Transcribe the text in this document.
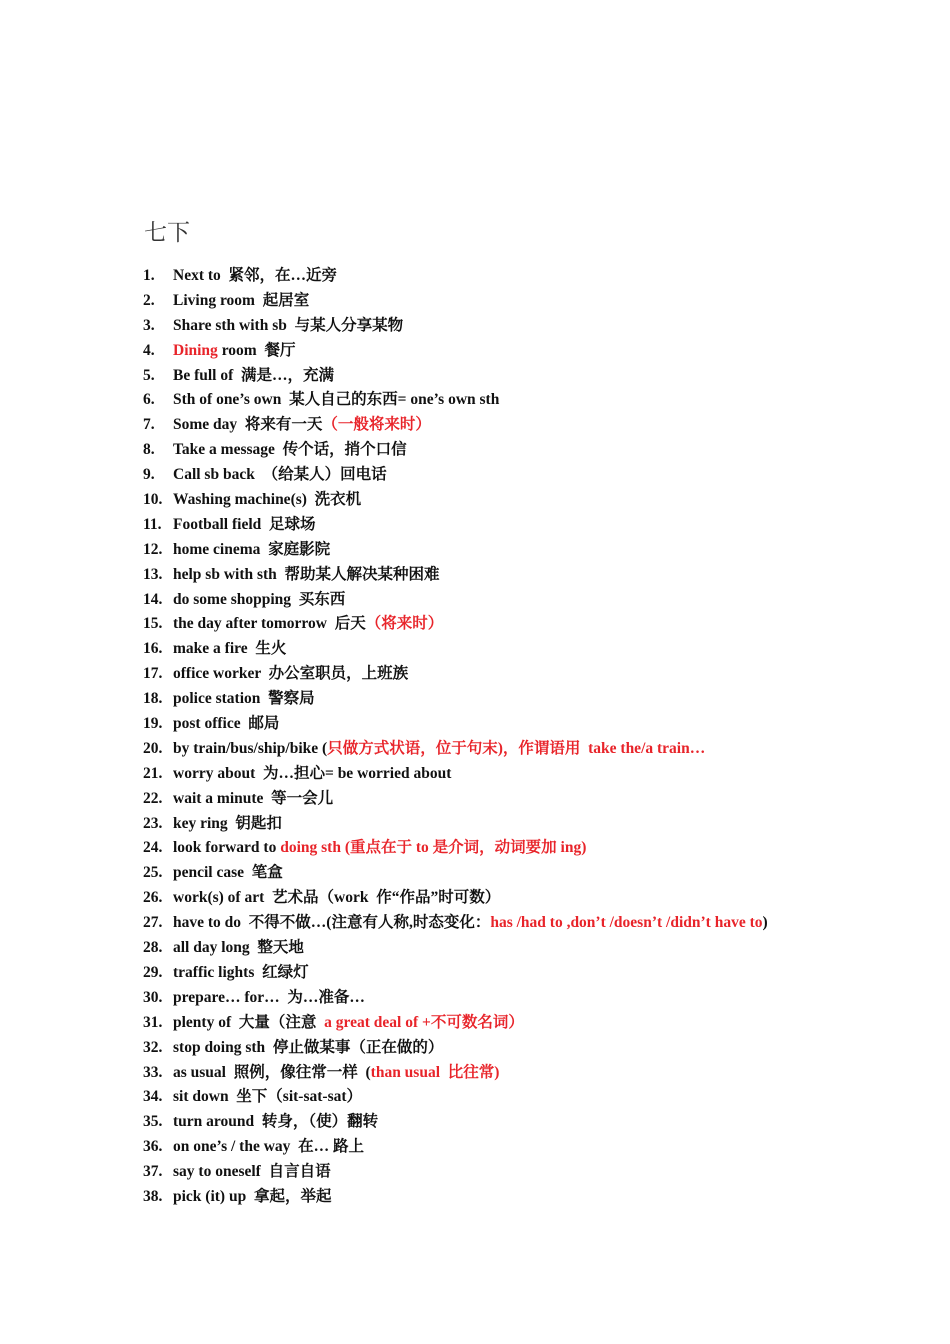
七下
1.	Next to  紧邻，在…近旁
2.	Living room  起居室
3.	Share sth with sb  与某人分享某物
4.	Dining room  餐厅
5.	Be full of  满是…，充满
6.	Sth of one’s own  某人自己的东西= one’s own sth
7.	Some day  将来有一天（一般将来时）
8.	Take a message  传个话，捎个口信
9.	Call sb back  （给某人）回电话
10. Washing machine(s)  洗衣机
11. Football field  足球场
12. home cinema  家庭影院
13. help sb with sth  帮助某人解决某种困难
14. do some shopping  买东西
15. the day after tomorrow  后天（将来时）
16. make a fire  生火
17. office worker  办公室职员，上班族
18. police station  警察局
19. post office  邮局
20. by train/bus/ship/bike (只做方式状语，位于句末)，作谓语用  take the/a train…
21. worry about  为…担心= be worried about
22. wait a minute  等一会儿
23. key ring  钥匙扣
24. look forward to doing sth (重点在于 to 是介词，动词要加 ing)
25. pencil case  笔盒
26. work(s) of art  艺术品（work  作“作品”时可数）
27. have to do  不得不做…(注意有人称,时态变化：has /had to ,don’t /doesn’t /didn’t have to)
28. all day long  整天地
29. traffic lights  红绿灯
30. prepare… for…  为…准备…
31. plenty of  大量（注意  a great deal of +不可数名词）
32. stop doing sth  停止做某事（正在做的）
33. as usual  照例，像往常一样  (than usual  比往常)
34. sit down  坐下（sit-sat-sat）
35. turn around  转身，（使）翻转
36. on one’s / the way  在… 路上
37. say to oneself  自言自语
38. pick (it) up  拿起，举起
